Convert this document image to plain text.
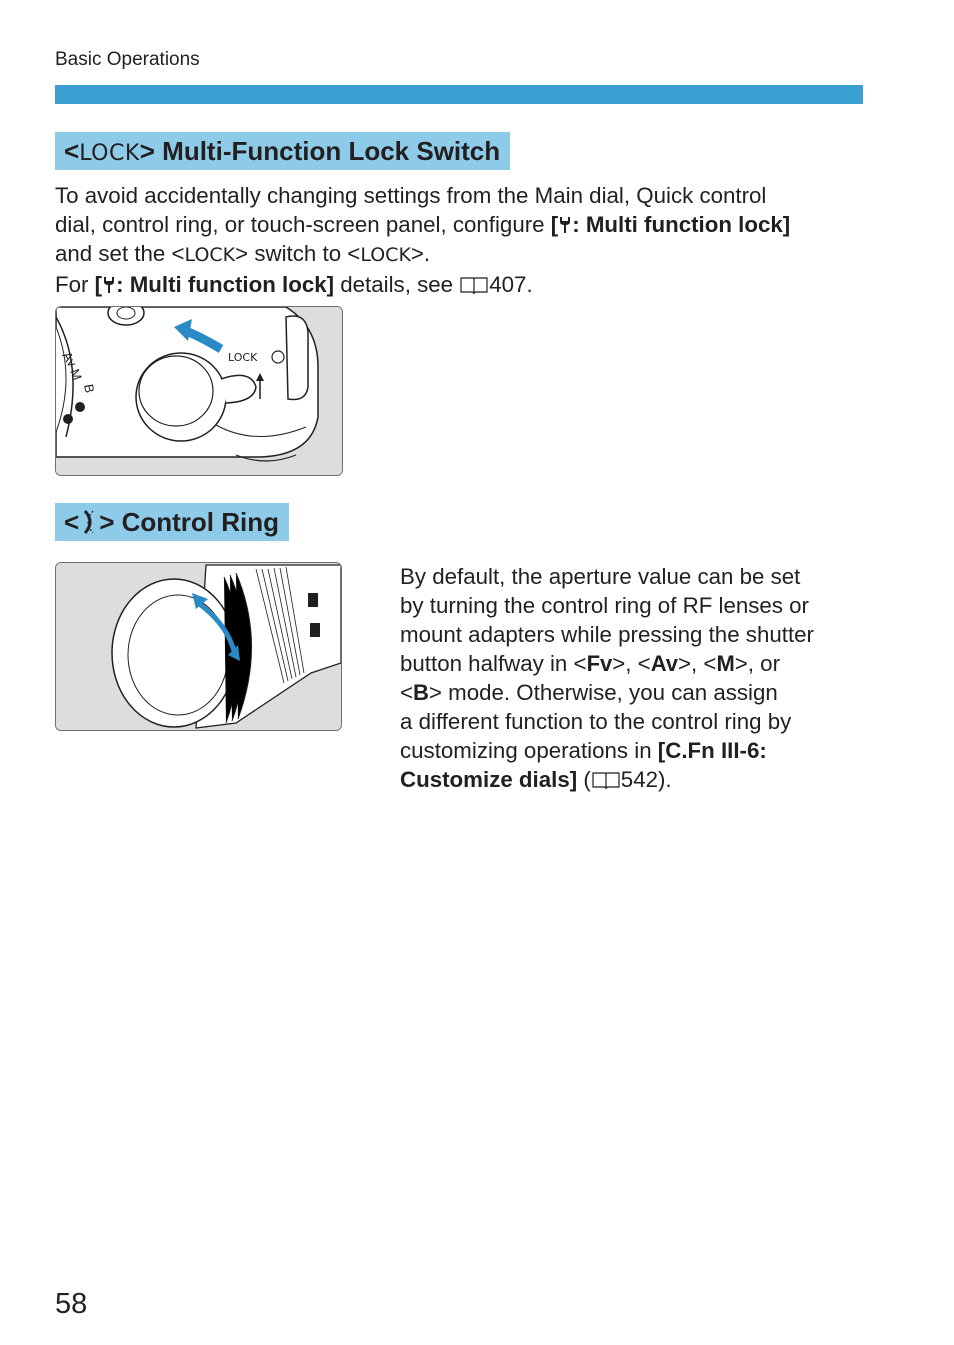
Basic Operations
<LOCK> Multi-Function Lock Switch
To avoid accidentally changing settings from the Main dial, Quick control
dial, control ring, or touch-screen panel, configure [ : Multi function lock]
and set the <LOCK> switch to <LOCK>.
For [ : Multi function lock] details, see 407.
Av
M
B
LOCK
< > Control Ring
By default, the aperture value can be set
by turning the control ring of RF lenses or
mount adapters while pressing the shutter
button halfway in <Fv>, <Av>, <M>, or
<B> mode. Otherwise, you can assign
a different function to the control ring by
customizing operations in [C.Fn III-6:
Customize dials] ( 542).
58
